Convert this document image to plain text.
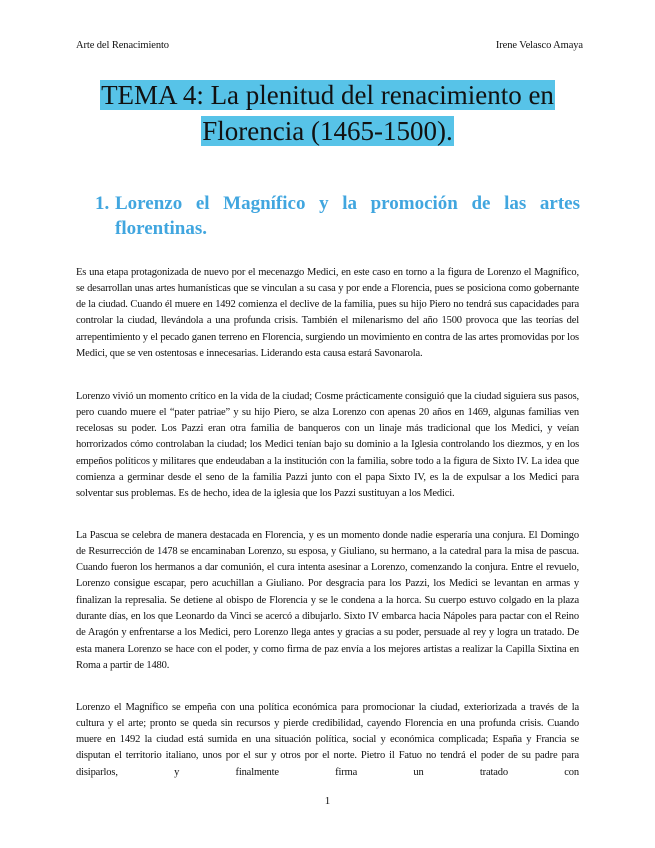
Arte del Renacimiento	Irene Velasco Amaya
TEMA 4: La plenitud del renacimiento en
Florencia (1465-1500).
1. Lorenzo el Magnífico y la promoción de las artes florentinas.

Es una etapa protagonizada de nuevo por el mecenazgo Medici, en este caso en torno a la figura de Lorenzo el Magnífico, se desarrollan unas artes humanísticas que se vinculan a su casa y por ende a Florencia, pues se posiciona como gobernante de la ciudad. Cuando él muere en 1492 comienza el declive de la familia, pues su hijo Piero no tendrá sus capacidades para controlar la ciudad, llevándola a una profunda crisis. También el milenarismo del año 1500 provoca que las teorías del arrepentimiento y el pecado ganen terreno en Florencia, surgiendo un movimiento en contra de las artes promovidas por los Medici, que se ven ostentosas e innecesarias. Liderando esta causa estará Savonarola.

Lorenzo vivió un momento crítico en la vida de la ciudad; Cosme prácticamente consiguió que la ciudad siguiera sus pasos, pero cuando muere el “pater patriae” y su hijo Piero, se alza Lorenzo con apenas 20 años en 1469, algunas familias ven recelosas su poder. Los Pazzi eran otra familia de banqueros con un linaje más tradicional que los Medici, y veían horrorizados cómo controlaban la ciudad; los Medici tenían bajo su dominio a la Iglesia controlando los diezmos, y en los empeños políticos y militares que endeudaban a la institución con la familia, sobre todo a la figura de Sixto IV. La idea que comienza a germinar desde el seno de la familia Pazzi junto con el papa Sixto IV, es la de expulsar a los Medici para solventar sus problemas. Es de hecho, idea de la iglesia que los Pazzi sustituyan a los Medici.

La Pascua se celebra de manera destacada en Florencia, y es un momento donde nadie esperaría una conjura. El Domingo de Resurrección de 1478 se encaminaban Lorenzo, su esposa, y Giuliano, su hermano, a la catedral para la misa de pascua. Cuando fueron los hermanos a dar comunión, el cura intenta asesinar a Lorenzo, comenzando la conjura. Entre el revuelo, Lorenzo consigue escapar, pero acuchillan a Giuliano. Por desgracia para los Pazzi, los Medici se levantan en armas y finalizan la represalia. Se detiene al obispo de Florencia y se le condena a la horca. Su cuerpo estuvo colgado en la plaza durante días, en los que Leonardo da Vinci se acercó a dibujarlo. Sixto IV embarca hacia Nápoles para pactar con el Reino de Aragón y enfrentarse a los Medici, pero Lorenzo llega antes y gracias a su poder, persuade al rey y logra un tratado. De esta manera Lorenzo se hace con el poder, y como firma de paz envía a los mejores artistas a realizar la Capilla Sixtina en Roma a partir de 1480.

Lorenzo el Magnífico se empeña con una política económica para promocionar la ciudad, exteriorizada a través de la cultura y el arte; pronto se queda sin recursos y pierde credibilidad, cayendo Florencia en una profunda crisis. Cuando muere en 1492 la ciudad está sumida en una situación política, social y económica complicada; España y Francia se disputan el territorio italiano, unos por el sur y otros por el norte. Pietro il Fatuo no tendrá el poder de su padre para disiparlos, y finalmente firma un tratado con

1
